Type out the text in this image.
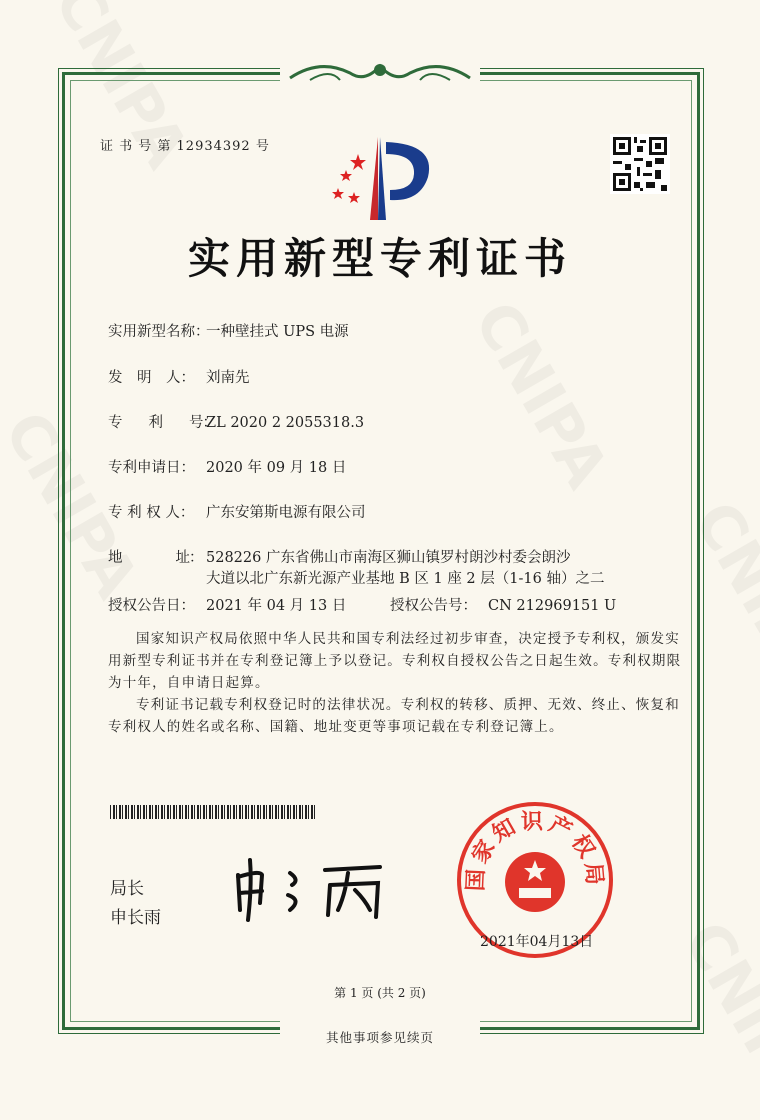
证 书 号 第 12934392 号
实用新型专利证书
实用新型名称：一种壁挂式 UPS 电源
发　明　人： 刘南先
专　　利　　号：ZL 2020 2 2055318.3
专利申请日： 2020 年 09 月 18 日
专 利 权 人： 广东安第斯电源有限公司
地　　　　址： 528226 广东省佛山市南海区狮山镇罗村朗沙村委会朗沙
大道以北广东新光源产业基地 B 区 1 座 2 层（1-16 轴）之二
授权公告日： 2021 年 04 月 13 日	授权公告号： CN 212969151 U
国家知识产权局依照中华人民共和国专利法经过初步审查，决定授予专利权，颁发实用新型专利证书并在专利登记簿上予以登记。专利权自授权公告之日起生效。专利权期限为十年，自申请日起算。
专利证书记载专利权登记时的法律状况。专利权的转移、质押、无效、终止、恢复和专利权人的姓名或名称、国籍、地址变更等事项记载在专利登记簿上。
局长
申长雨
国家知识产权局
2021年04月13日
第 1 页 (共 2 页)
其他事项参见续页
